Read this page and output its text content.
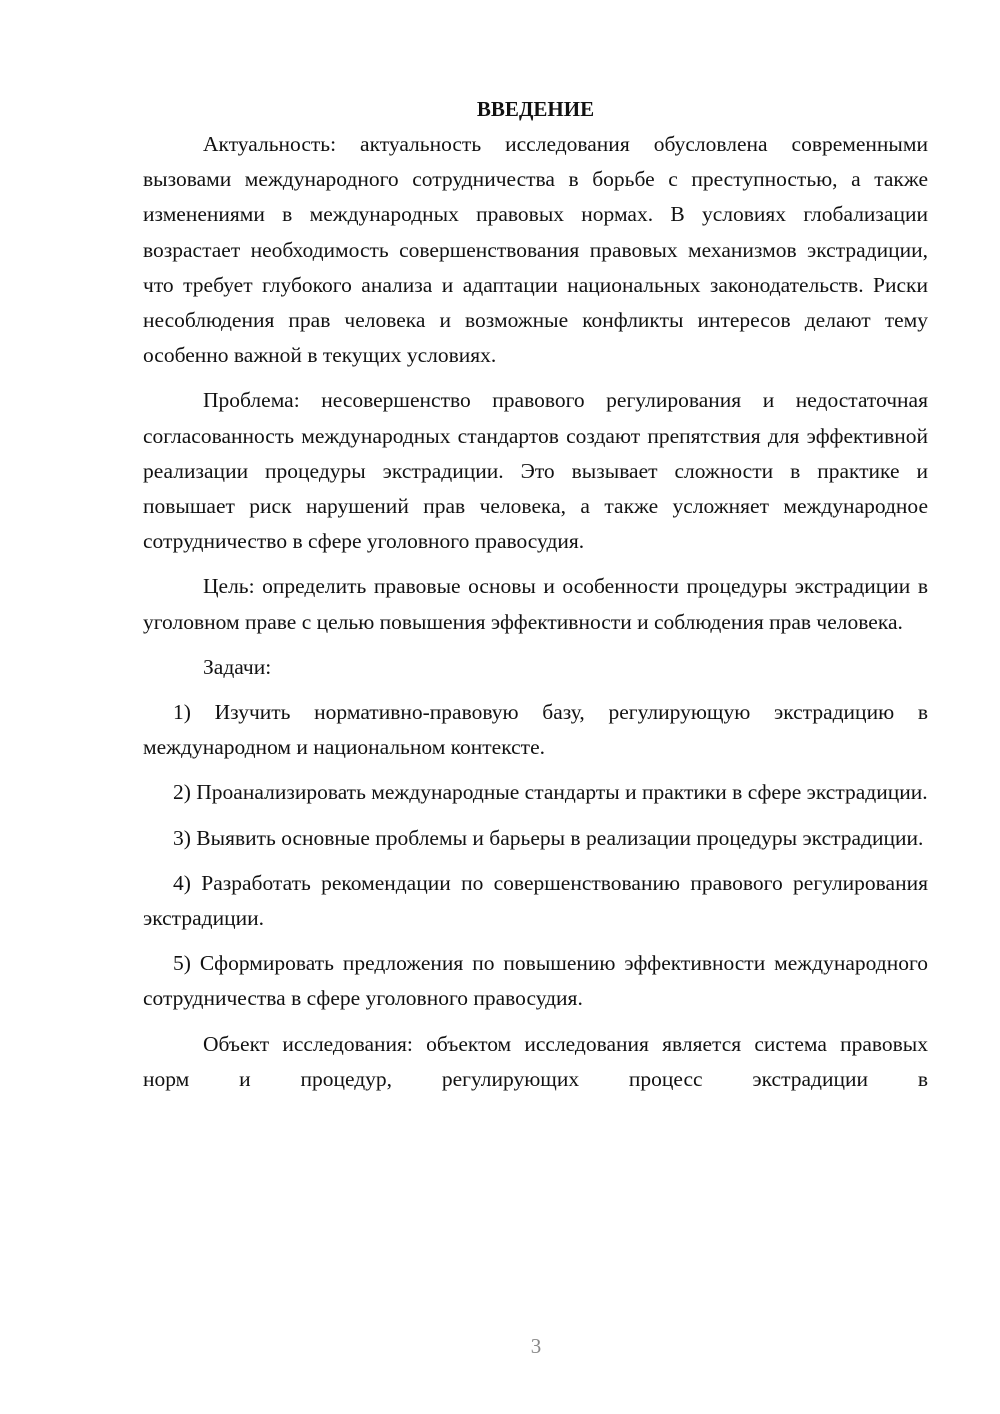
ВВЕДЕНИЕ

Актуальность: актуальность исследования обусловлена современными вызовами международного сотрудничества в борьбе с преступностью, а также изменениями в международных правовых нормах. В условиях глобализации возрастает необходимость совершенствования правовых механизмов экстрадиции, что требует глубокого анализа и адаптации национальных законодательств. Риски несоблюдения прав человека и возможные конфликты интересов делают тему особенно важной в текущих условиях.

Проблема: несовершенство правового регулирования и недостаточная согласованность международных стандартов создают препятствия для эффективной реализации процедуры экстрадиции. Это вызывает сложности в практике и повышает риск нарушений прав человека, а также усложняет международное сотрудничество в сфере уголовного правосудия.

Цель: определить правовые основы и особенности процедуры экстрадиции в уголовном праве с целью повышения эффективности и соблюдения прав человека.

Задачи:

1) Изучить нормативно-правовую базу, регулирующую экстрадицию в международном и национальном контексте.

2) Проанализировать международные стандарты и практики в сфере экстрадиции.

3) Выявить основные проблемы и барьеры в реализации процедуры экстрадиции.

4) Разработать рекомендации по совершенствованию правового регулирования экстрадиции.

5) Сформировать предложения по повышению эффективности международного сотрудничества в сфере уголовного правосудия.

Объект исследования: объектом исследования является система правовых норм и процедур, регулирующих процесс экстрадиции в

3
